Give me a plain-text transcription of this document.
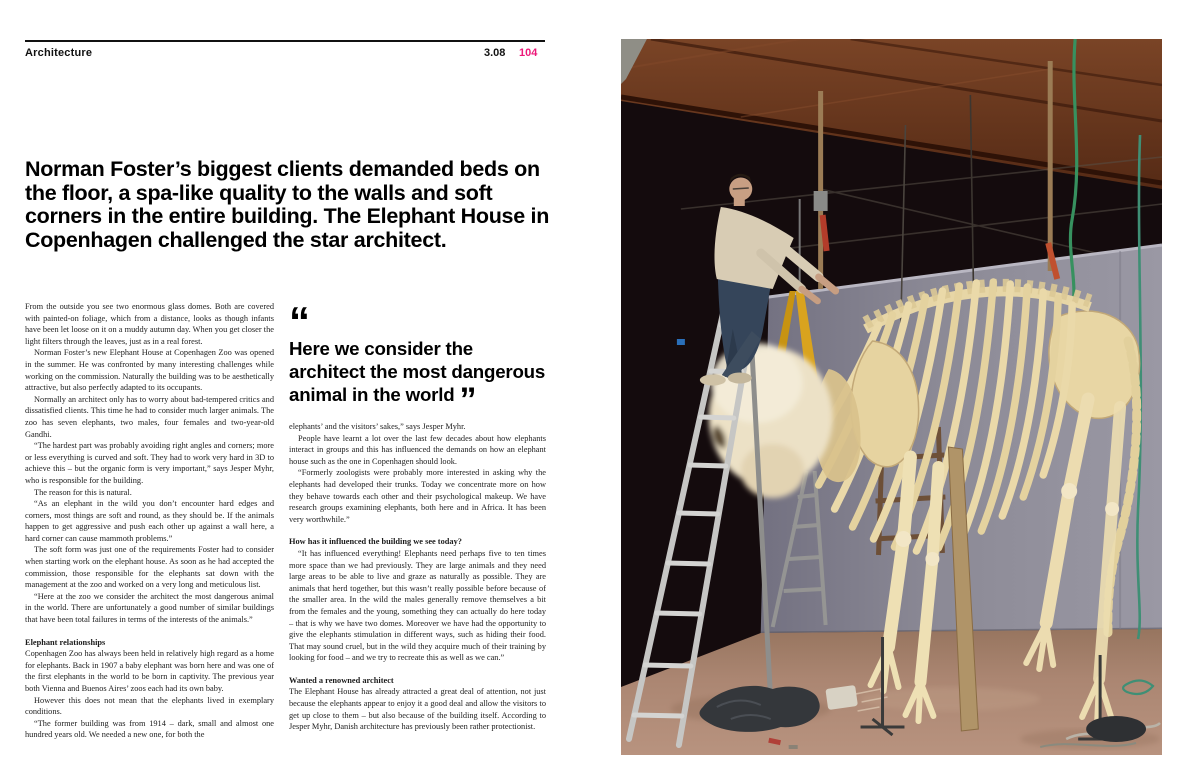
Architecture	3.08 104
Norman Foster’s biggest clients demanded beds on the floor, a spa-like quality to the walls and soft corners in the entire building. The Elephant House in Copenhagen challenged the star architect.

From the outside you see two enormous glass domes. Both are covered with painted-on foliage, which from a distance, looks as though infants have been let loose on it on a muddy autumn day. When you get closer the light filters through the leaves, just as in a real forest.

Norman Foster’s new Elephant House at Copenhagen Zoo was opened in the summer. He was confronted by many interesting challenges while working on the commission. Naturally the building was to be aesthetically attractive, but also perfectly adapted to its occupants.

Normally an architect only has to worry about bad-tempered critics and dissatisfied clients. This time he had to consider much larger animals. The zoo has seven elephants, two males, four females and two-year-old Gandhi.

“The hardest part was probably avoiding right angles and corners; more or less everything is curved and soft. They had to work very hard in 3D to achieve this – but the organic form is very important,” says Jesper Myhr, who is responsible for the building.

The reason for this is natural.

“As an elephant in the wild you don’t encounter hard edges and corners, most things are soft and round, as they should be. If the animals happen to get aggressive and push each other up against a wall here, a hard corner can cause mammoth problems.”

The soft form was just one of the requirements Foster had to consider when starting work on the elephant house. As soon as he had accepted the commission, those responsible for the elephants sat down with the management at the zoo and worked on a very long and meticulous list.

“Here at the zoo we consider the architect the most dangerous animal in the world. There are unfortunately a good number of similar buildings that have been total failures in terms of the interests of the animals.”

Elephant relationships

Copenhagen Zoo has always been held in relatively high regard as a home for elephants. Back in 1907 a baby elephant was born here and was one of the first elephants in the world to be born in captivity. The previous year both Vienna and Buenos Aires’ zoos each had its own baby.

However this does not mean that the elephants lived in exemplary conditions.

“The former building was from 1914 – dark, small and almost one hundred years old. We needed a new one, for both the

“
Here we consider the architect the most dangerous animal in the world ”

elephants’ and the visitors’ sakes,” says Jesper Myhr.

People have learnt a lot over the last few decades about how elephants interact in groups and this has influenced the demands on how an elephant house such as the one in Copenhagen should look.

“Formerly zoologists were probably more interested in asking why the elephants had developed their trunks. Today we concentrate more on how they behave towards each other and their psychological makeup. We have research groups examining elephants, both here and in Africa. It has been very worthwhile.”

How has it influenced the building we see today?

“It has influenced everything! Elephants need perhaps five to ten times more space than we had previously. They are large animals and they need large areas to be able to live and graze as naturally as possible. They are animals that herd together, but this wasn’t really possible before because of the smaller area. In the wild the males generally remove themselves a bit from the females and the young, something they can actually do here today – that is why we have two domes. Moreover we have had the opportunity to give the elephants stimulation in different ways, such as hiding their food. That may sound cruel, but in the wild they acquire much of their training by looking for food – and we try to recreate this as well as we can.”

Wanted a renowned architect

The Elephant House has already attracted a great deal of attention, not just because the elephants appear to enjoy it a good deal and allow the visitors to get up close to them – but also because of the building itself. According to Jesper Myhr, Danish architecture has previously been rather protectionist.
